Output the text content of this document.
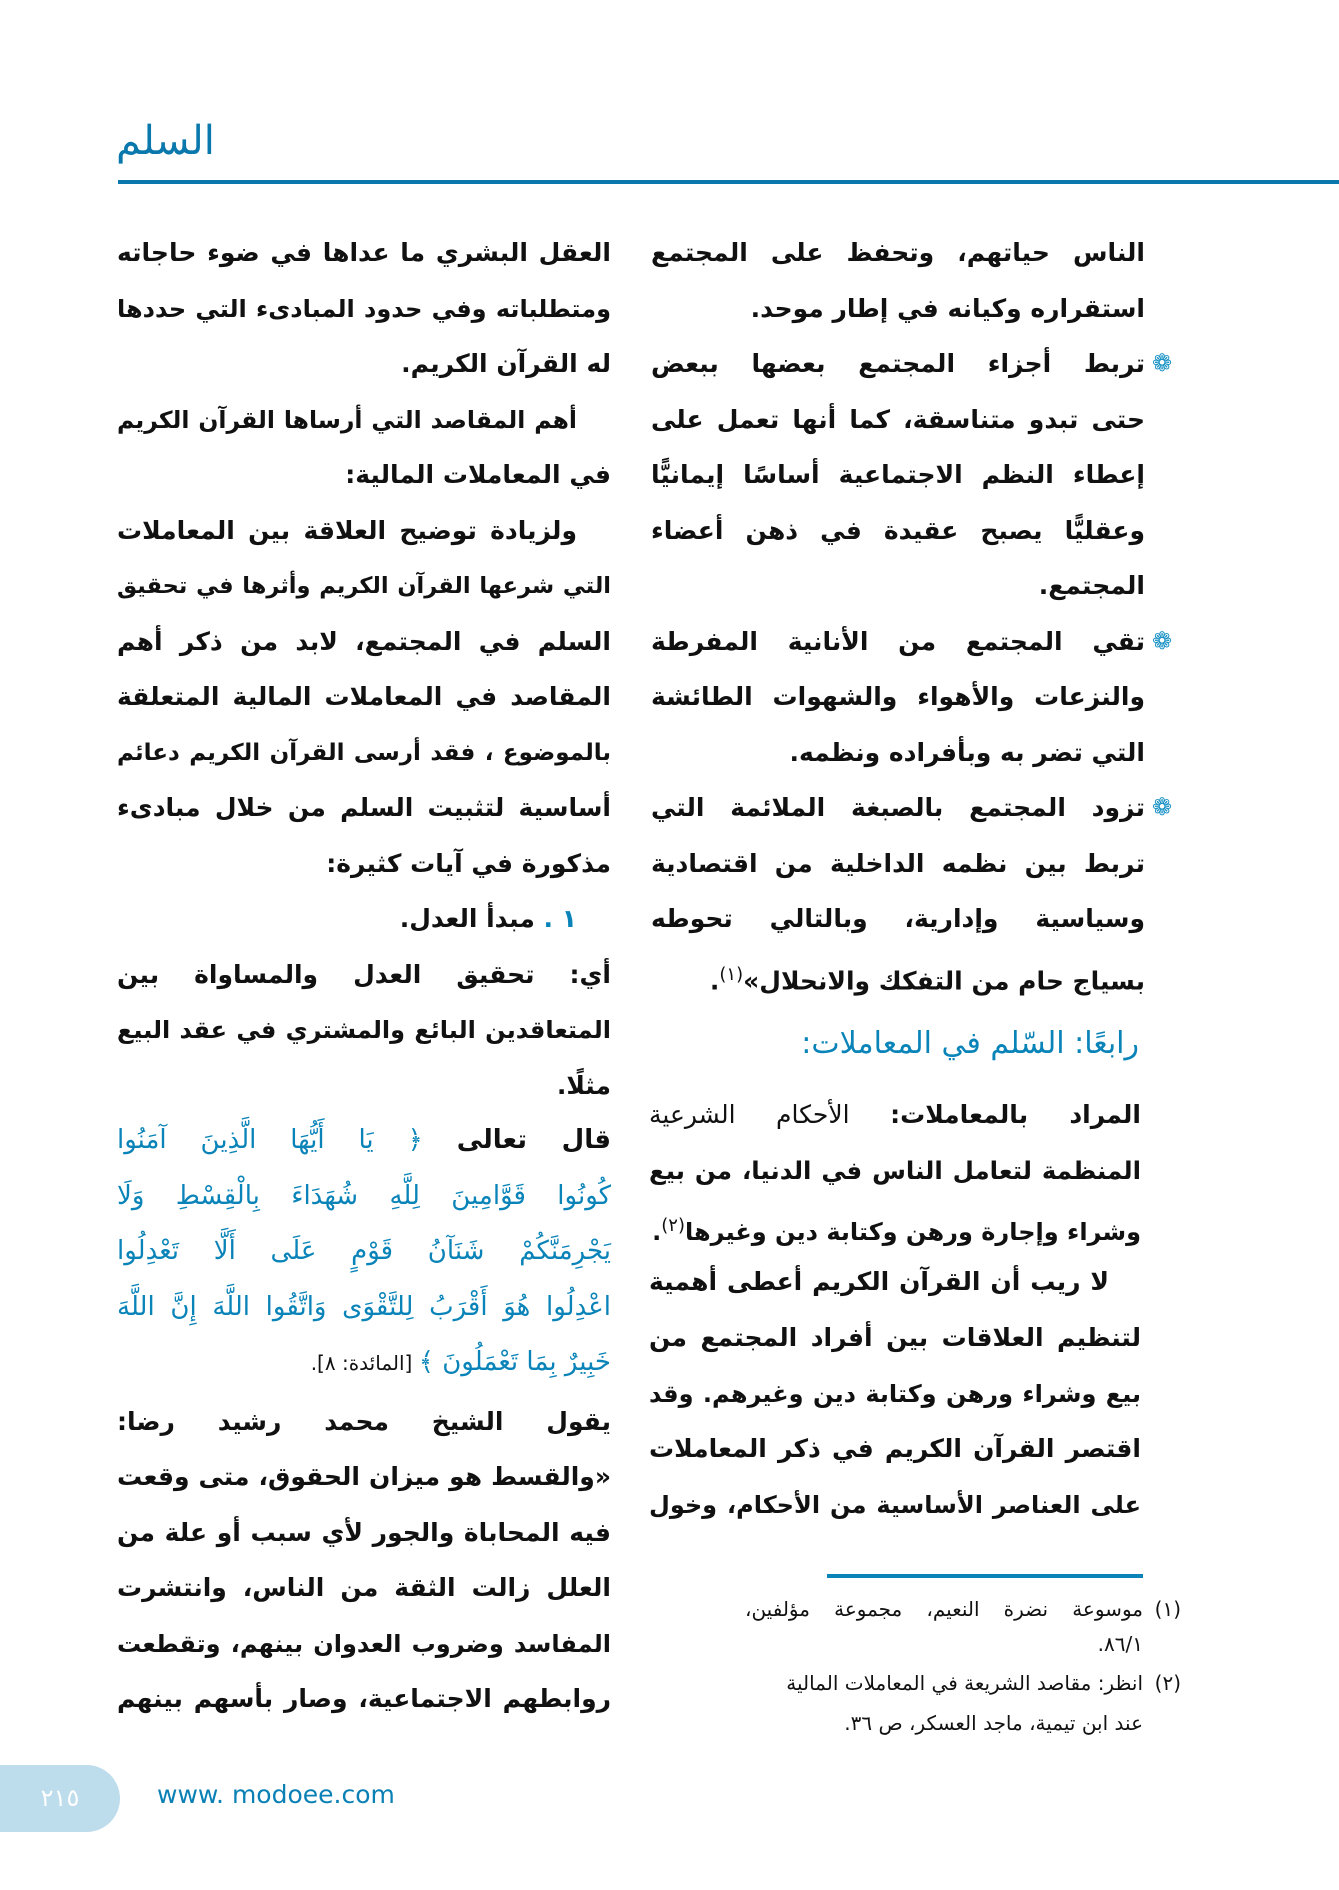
السلم
الناس حياتهم، وتحفظ على المجتمع
استقراره وكيانه في إطار موحد.
تربط أجزاء المجتمع بعضها ببعض ❁
حتى تبدو متناسقة، كما أنها تعمل على
إعطاء النظم الاجتماعية أساسًا إيمانيًّا
وعقليًّا يصبح عقيدة في ذهن أعضاء
المجتمع.
تقي المجتمع من الأنانية المفرطة ❁
والنزعات والأهواء والشهوات الطائشة
التي تضر به وبأفراده ونظمه.
تزود المجتمع بالصبغة الملائمة التي ❁
تربط بين نظمه الداخلية من اقتصادية
وسياسية وإدارية، وبالتالي تحوطه
بسياج حام من التفكك والانحلال»$^{(١)}$.
رابعًا: السّلم في المعاملات:
المراد بالمعاملات: الأحكام الشرعية
المنظمة لتعامل الناس في الدنيا، من بيع
وشراء وإجارة ورهن وكتابة دين وغيرها$^{(٢)}$.
لا ريب أن القرآن الكريم أعطى أهمية
لتنظيم العلاقات بين أفراد المجتمع من
بيع وشراء ورهن وكتابة دين وغيرهم. وقد
اقتصر القرآن الكريم في ذكر المعاملات
على العناصر الأساسية من الأحكام، وخول
العقل البشري ما عداها في ضوء حاجاته
ومتطلباته وفي حدود المبادىء التي حددها
له القرآن الكريم.
أهم المقاصد التي أرساها القرآن الكريم
في المعاملات المالية:
ولزيادة توضيح العلاقة بين المعاملات
التي شرعها القرآن الكريم وأثرها في تحقيق
السلم في المجتمع، لابد من ذكر أهم
المقاصد في المعاملات المالية المتعلقة
بالموضوع ، فقد أرسى القرآن الكريم دعائم
أساسية لتثبيت السلم من خلال مبادىء
مذكورة في آيات كثيرة:
١ . مبدأ العدل.
أي: تحقيق العدل والمساواة بين
المتعاقدين البائع والمشتري في عقد البيع
مثلًا.
قال تعالى ﴿ يَا أَيُّهَا الَّذِينَ آمَنُوا
كُونُوا قَوَّامِينَ لِلَّهِ شُهَدَاءَ بِالْقِسْطِ وَلَا
يَجْرِمَنَّكُمْ شَنَآنُ قَوْمٍ عَلَى أَلَّا تَعْدِلُوا
اعْدِلُوا هُوَ أَقْرَبُ لِلتَّقْوَى وَاتَّقُوا اللَّهَ إِنَّ اللَّهَ
خَبِيرٌ بِمَا تَعْمَلُونَ ﴾ [المائدة: ٨].
يقول الشيخ محمد رشيد رضا:
«والقسط هو ميزان الحقوق، متى وقعت
فيه المحاباة والجور لأي سبب أو علة من
العلل زالت الثقة من الناس، وانتشرت
المفاسد وضروب العدوان بينهم، وتقطعت
روابطهم الاجتماعية، وصار بأسهم بينهم
موسوعة نضرة النعيم، مجموعة مؤلفين،
٨٦/١.
انظر: مقاصد الشريعة في المعاملات المالية
عند ابن تيمية، ماجد العسكر، ص ٣٦.
(١)
(٢)
٢١٥	www. modoee.com
